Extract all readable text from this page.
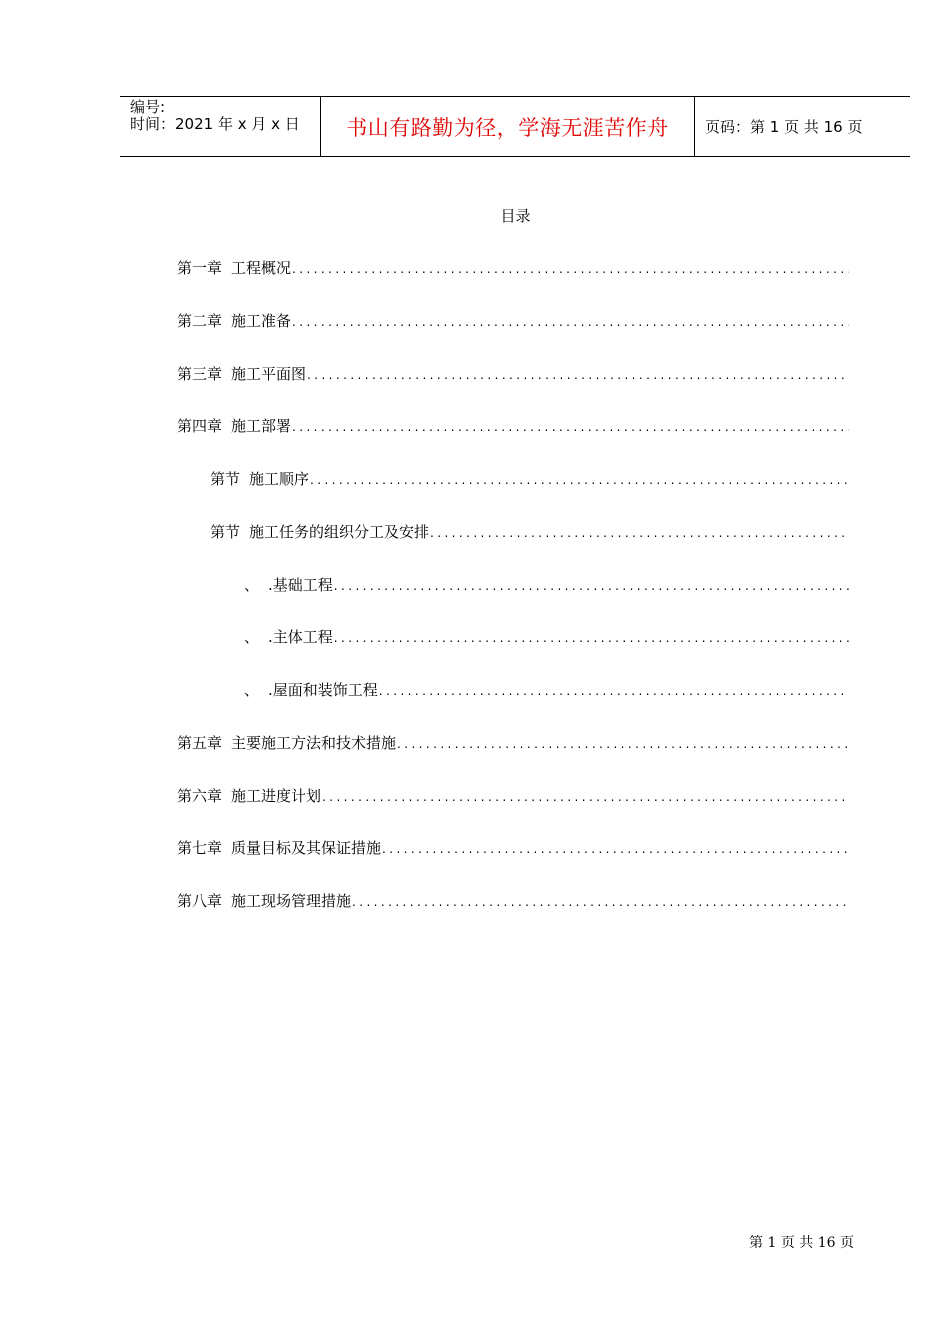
编号:
时间：2021 年 x 月 x 日	书山有路勤为径，学海无涯苦作舟	页码：第 1 页 共 16 页
目录
第一章 工程概况
.....
第二章 施工准备
.....
第三章 施工平面图
.....
第四章 施工部署
.....
第节 施工顺序
.....
第节 施工任务的组织分工及安排
.....
、 .基础工程
.....
、 .主体工程
.....
、 .屋面和装饰工程
.....
第五章 主要施工方法和技术措施
.....
第六章 施工进度计划
.....
第七章 质量目标及其保证措施
.....
第八章 施工现场管理措施
.....
第 1 页 共 16 页
